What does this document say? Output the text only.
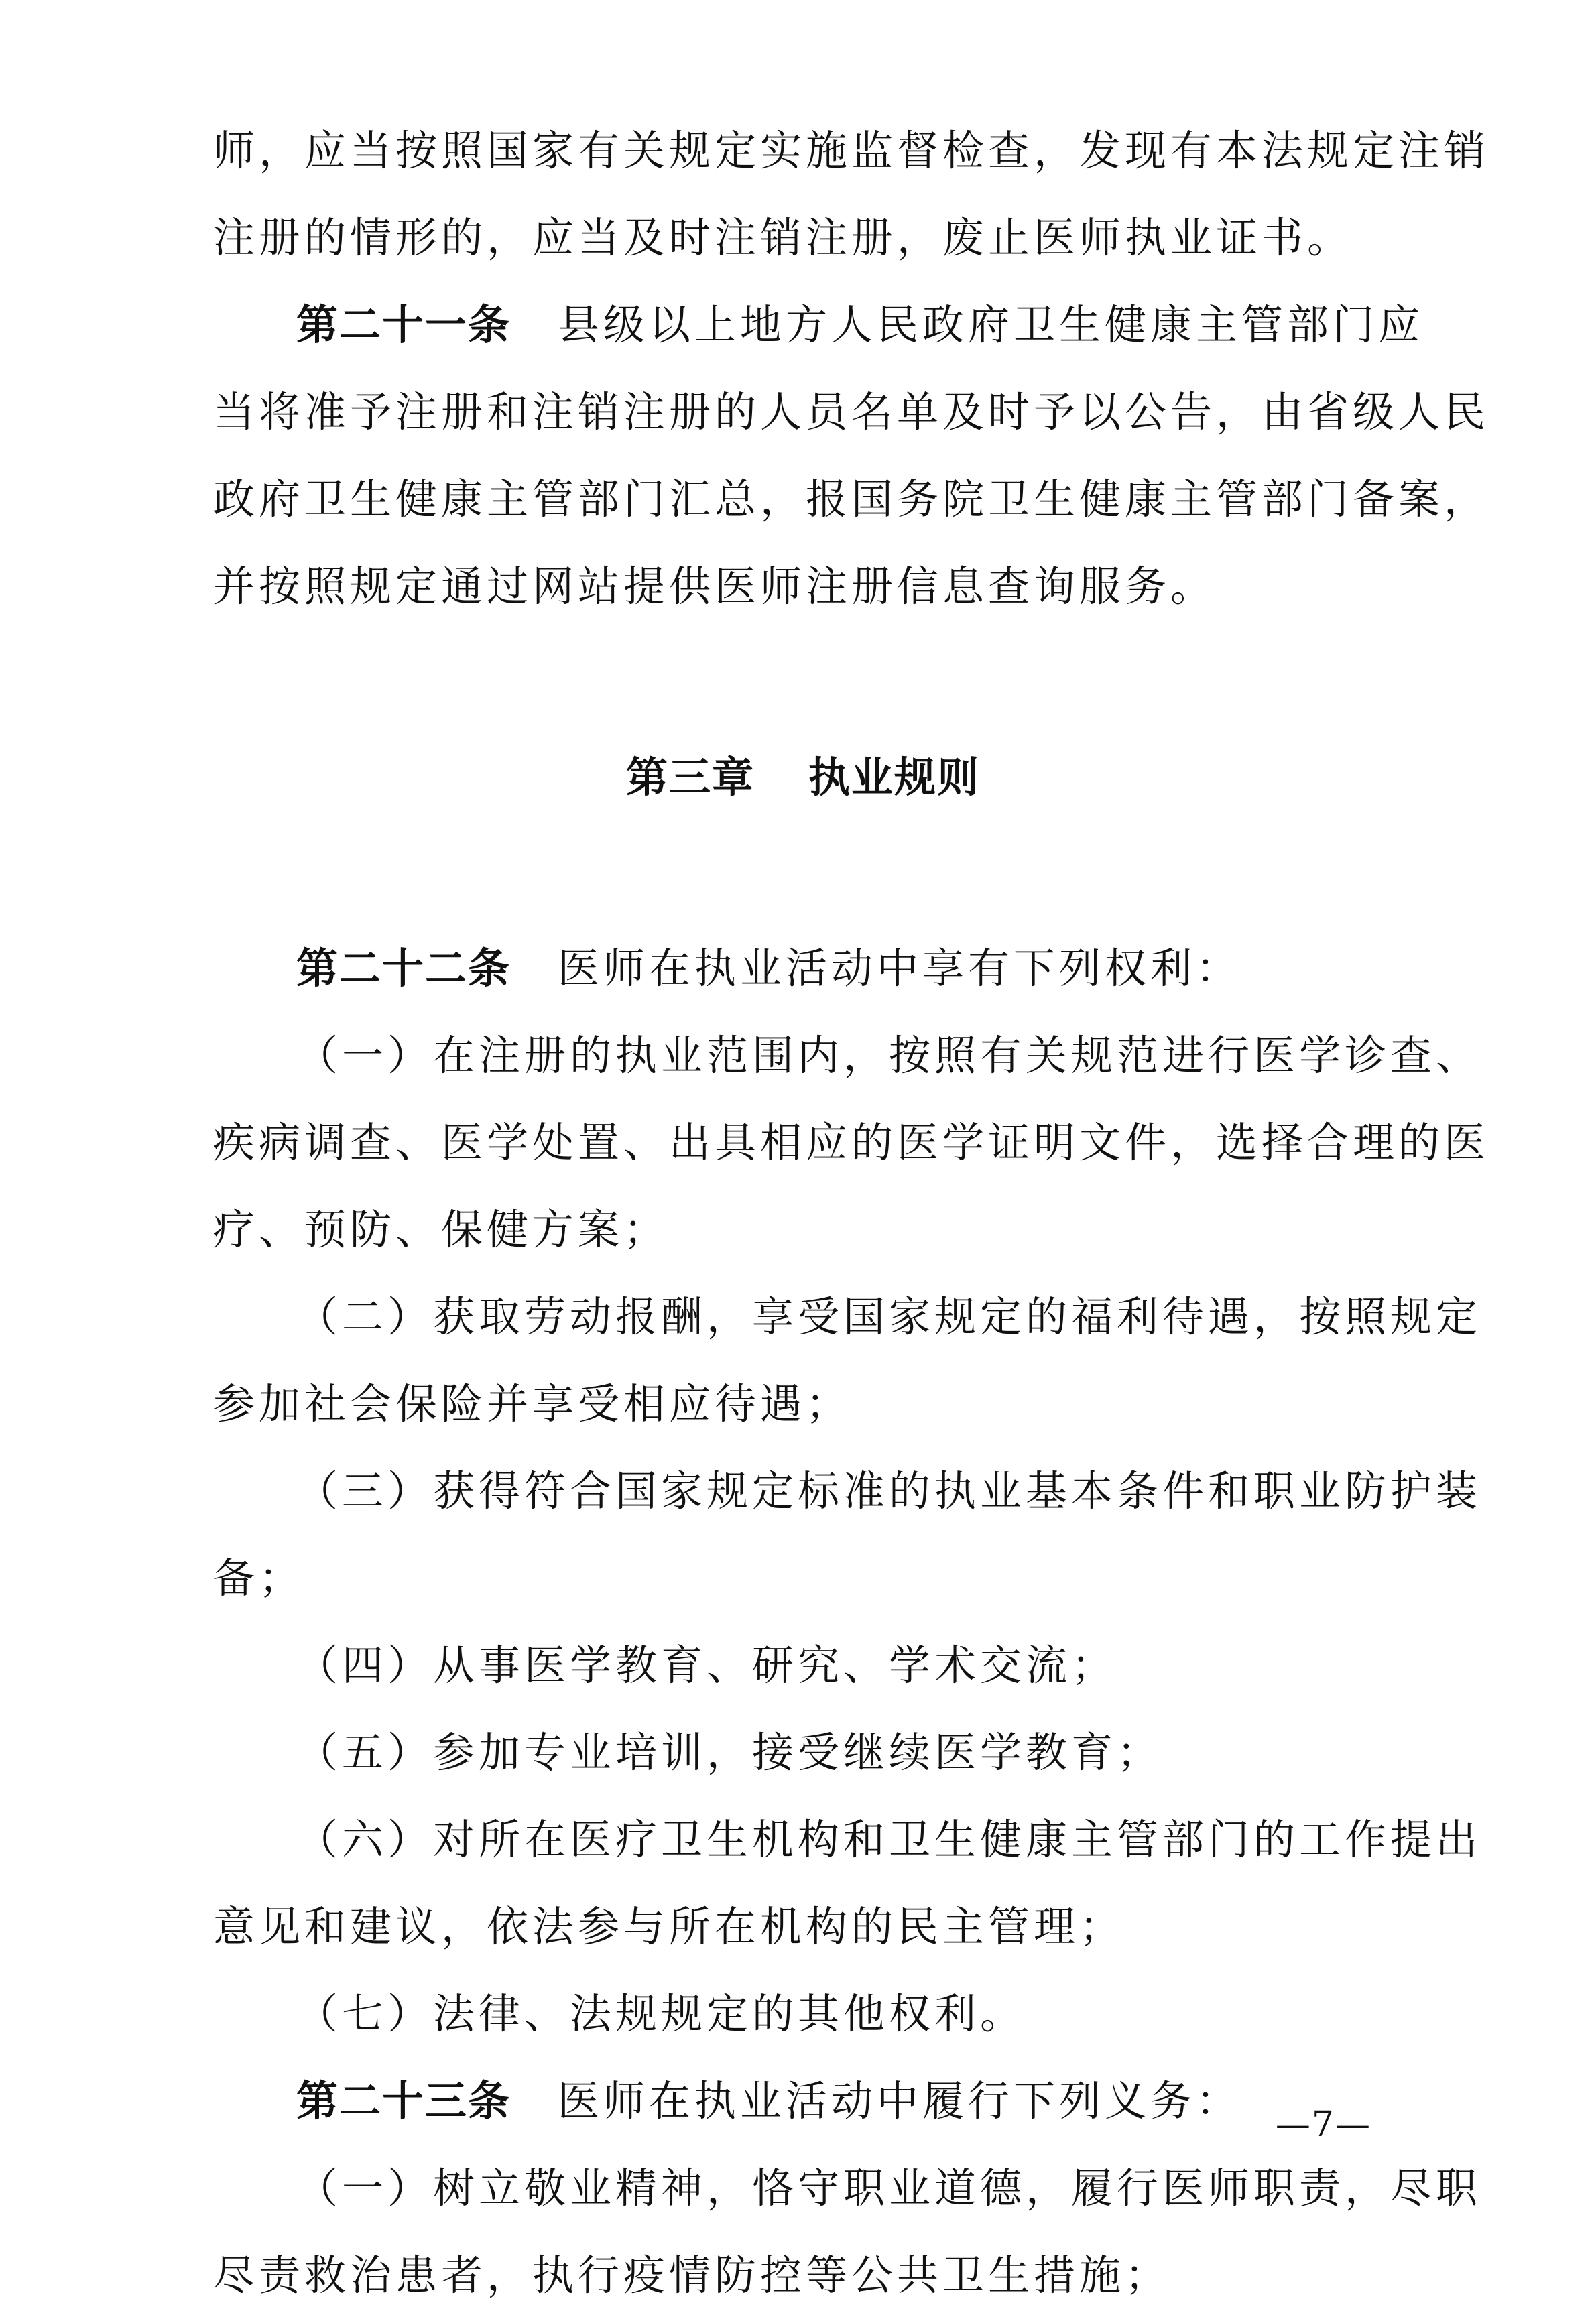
师，应当按照国家有关规定实施监督检查，发现有本法规定注销
注册的情形的，应当及时注销注册，废止医师执业证书。
第二十一条 县级以上地方人民政府卫生健康主管部门应
当将准予注册和注销注册的人员名单及时予以公告，由省级人民
政府卫生健康主管部门汇总，报国务院卫生健康主管部门备案，
并按照规定通过网站提供医师注册信息查询服务。
第三章 执业规则
第二十二条 医师在执业活动中享有下列权利：
（一）在注册的执业范围内，按照有关规范进行医学诊查、
疾病调查、医学处置、出具相应的医学证明文件，选择合理的医
疗、预防、保健方案；
（二）获取劳动报酬，享受国家规定的福利待遇，按照规定
参加社会保险并享受相应待遇；
（三）获得符合国家规定标准的执业基本条件和职业防护装
备；
（四）从事医学教育、研究、学术交流；
（五）参加专业培训，接受继续医学教育；
（六）对所在医疗卫生机构和卫生健康主管部门的工作提出
意见和建议，依法参与所在机构的民主管理；
（七）法律、法规规定的其他权利。
第二十三条 医师在执业活动中履行下列义务：
（一）树立敬业精神，恪守职业道德，履行医师职责，尽职
尽责救治患者，执行疫情防控等公共卫生措施；
—7—
